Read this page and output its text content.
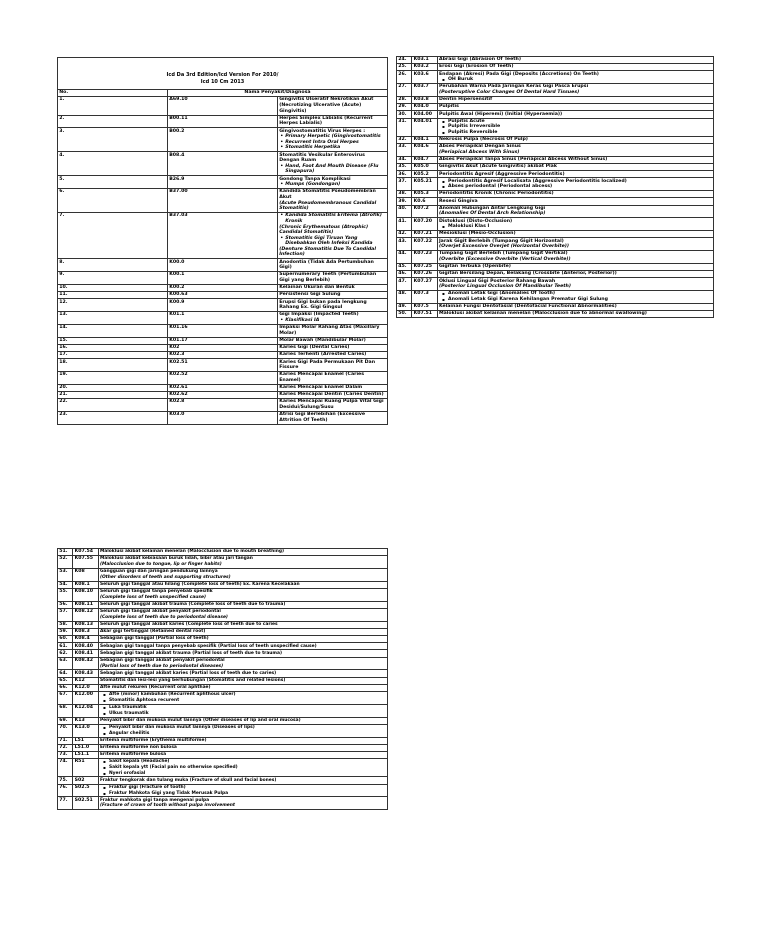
Icd Da 3rd Edition/Icd Version For 2010/
Icd 10 Cm 2013		
No.	Nama Penyakit/Diagnosa	
1.	A69.10	Gingivitis Ulseratif Nekrotikan Akut (Necrotizing Ulcerative (Acute) Gingivitis)
2.	B00.11	Herpes Simplex Labialis (Recurrent Herpes Labialis)
3.	B00.2	Gingivostomatitis Virus Herpes :
• Primary Herpetic (Gingivostomatitis
• Recurrent Intra Oral Herpes
• Stomatitis Herpetika

4.	B08.4	Stomatitis Vesikular Enterovirus Dengan Ruam
• Hand, Foot And Mouth Disease (Flu Singapura)

5.	B26.9	Gondong Tanpa Komplikasi
• Mumps (Gondongan)

6.	B37.00	Kandida Stomatitis Pseudomembran Akut
(Acute Pseudomembranous Candidal Stomatitis)

7.	B37.03	• Kandida Stomatitis Eritema (Atrofik) Kronik
(Chronic Erythematous (Atrophic) Candidal Stomatitis)
• Stomatitis Gigi Tiruan Yang Disebabkan Oleh Infeksi Kandida
(Denture Stomatitis Due To Candidal Infection)

8.	K00.0	Anodontia (Tidak Ada Pertumbuhan Gigi)
9.	K00.1	Supernumerary Teeth (Pertumbuhan Gigi yang Berlebih)
10.	K00.2	Kelainan Ukuran dan Bentuk
11.	K00.63	Persistensi Gigi Sulung
12.	K00.9	Erupsi Gigi bukan pada lengkung Rahang Ex. Gigi Gingsul
13.	K01.1	Gigi Impaksi (Impacted Teeth)
• Klasifikasi IA

14.	K01.16	Impaksi Molar Rahang Atas (Maxillary Molar)
15.	K01.17	Molar Bawah (Mandibular Molar)
16.	K02	Karies Gigi (Dental Caries)
17.	K02.3	Karies Terhenti (Arrested Caries)
18.	K02.51	Karies Gigi Pada Permukaan Pit Dan Fissure
19.	K02.52	Karies Mencapai Enamel (Caries Enamel)
20.	K02.61	Karies Mencapai Enamel Dalam
21.	K02.62	Karies Mencapai Dentin (Caries Dentin)
22.	K02.8	Karies Mencapai Ruang Pulpa Vital Gigi Desidui/Sulung/Susu
23.	K03.0	Atrisi Gigi Berlebihan (Excessive Attrition Of Teeth)
24.	K03.1	Abrasi Gigi (Abrasion Of Teeth)
25.	K03.2	Erosi Gigi (Erosion Of Teeth)
26.	K03.6	Endapan (Akresi) Pada Gigi (Deposits (Accretions) On Teeth)
▪ OH Buruk

27.	K03.7	Perubahan Warna Pada Jaringan Keras Gigi Pasca Erupsi
(Posteruptive Color Changes Of Dental Hard Tissues)

28.	K03.8	Dentin Hipersensitif
29.	K04.0	Pulpitis
30.	K04.00	Pulpitis Awal (Hiperemi) (Initial (Hyperaemia))
31.	K04.01	▪ Pulpitis Acute
▪ Pulpitis Irreversible
▪ Pulpitis Reversible

32.	K04.1	Nekrosis Pulpa (Necrosis Of Pulp)
33.	K04.6	Abses Periapikal Dengan Sinus
(Periapical Abcess With Sinus)

34.	K04.7	Abses Periapikal Tanpa Sinus (Periapical Abcess Without Sinus)
35.	K05.0	Gingivitis Akut (Acute Gingivitis) akibat Plak
36.	K05.2	Periodontitis Agresif (Aggressive Periodontitis)
37.	K05.21	▪ Periodontitis Agresif Localisata (Aggressive Periodontitis localized)
▪ Abses periodontal (Periodontal abcess)

38.	K05.3	Periodontitis Kronik (Chronic Periodontitis)
39.	K0.6	Resesi Gingiva
40.	K07.2	Anomali Hubungan Antar Lengkung Gigi
(Anomalies Of Dental Arch Relationship)

41.	K07.20	Distoklusi (Disto-Occlusion)
▪ Maloklusi Klas I

42.	K07.21	Mesioklusi (Mesio-Occlusion)
43.	K07.22	Jarak Gigit Berlebih (Tumpang Gigit Horizontal)
(Overjet Excessive Overjet (Horizontal Overbite))

44.	K07.23	Tumpang Gigit Berlebih (Tumpang Gigit Vertikal)
(Overbite (Excessive Overbite (Vertical Overbite))

45.	K07.25	Gigitan Terbuka (Openbite)
46.	K07.26	Gigitan Bersilang Depan, Belakang (Crossbite (Anterior, Posterior))
47.	K07.27	Oklusi Lingual Gigi Posterior Rahang Bawah
(Posterior Lingual Occlusion Of Mandibular Teeth)

48.	K07.3	▪ Anomali Letak Gigi (Anomalies Of Tooth)
▪ Anomali Letak Gigi Karena Kehilangan Prematur Gigi Sulung

49.	K07.5	Kelainan Fungsi Dentofasial (Dentofacial Functional Abnormalities)
50.	K07.51	Maloklusi akibat kelainan menelan (Malocclusion due to abnormal swallowing)
51.	K07.54	Maloklusi akibat kelainan menelan (Malocclusion due to mouth breathing)
52.	K07.55	Maloklusi akibat kebiasaan buruk lidah, bibir atau jari tangan
(Malocclusion due to tongue, lip or finger habits)

53.	K08	Gangguan gigi dan jaringan pendukung lainnya
(Other disorders of teeth and supporting structures)

54.	K08.1	Seluruh gigi tanggal atau hilang (Complete loss of teeth) Ex. Karena Kecelakaan
55.	K08.10	Seluruh gigi tanggal tanpa penyebab spesifik
(Complete loss of teeth unspecified cause)

56.	K08.11	Seluruh gigi tanggal akibat trauma (Complete loss of teeth due to trauma)
57.	K08.12	Seluruh gigi tanggal akibat penyakit periodontal
(Complete loss of teeth due to periodontal disease)

58.	K08.13	Seluruh gigi tanggal akibat karies (Complete loss of teeth due to caries
59.	K08.3	Akar gigi tertinggal (Retained dental root)
60.	K08.4	Sebagian gigi tanggal (Partial loss of teeth)
61.	K08.40	Sebagian gigi tanggal tanpa penyebab spesifik (Partial loss of teeth unspecified cause)
62.	K08.41	Sebagian gigi tanggal akibat trauma (Partial loss of teeth due to trauma)
63.	K08.42	Sebagian gigi tanggal akibat penyakit periodontal
(Partial loss of teeth due to periodontal diseases)

64.	K08.43	Sebagian gigi tanggal akibat karies (Partial loss of teeth due to caries)
65.	K12	Stomatitis dan lesi-lesi yang berhubungan (Stomatitis and related lesions)
66.	K12.0	Afte mulut rekuren (Recurrent oral aphthae)
67.	K12.00	▪ Afte (minor) kambuhan (Recurrent aphthous ulcer)
▪ Stomatitis Aphtosa recurent

68.	K12.04	▪ Luka traumatik
▪ Ulkus traumatik

69.	K13	Penyakit bibir dan mukosa mulut lainnya (Other diseases of lip and oral mucosa)
70.	K13.0	▪ Penyakit bibir dan mukosa mulut lainnya (Diseases of lips)
▪ Angular cheilitis

71.	L51	Eritema multiforme (Erythema multiforme)
72.	L51.0	Eritema multiforme non bulosa
73.	L51.1	Eritema multiforme bulosa
74.	R51	▪ Sakit kepala (Headache)
▪ Sakit kepala ytt (Facial pain no otherwise specified)
▪ Nyeri orofasial

75.	S02	Fraktur tengkorak dan tulang muka (Fracture of skull and facial bones)
76.	S02.5	▪ Fraktur gigi (Fracture of tooth)
▪ Fraktur Mahkota Gigi yang Tidak Merusak Pulpa

77.	S02.51	Fraktur mahkota gigi tanpa mengenai pulpa
(Fracture of crown of tooth without pulpa involvement
